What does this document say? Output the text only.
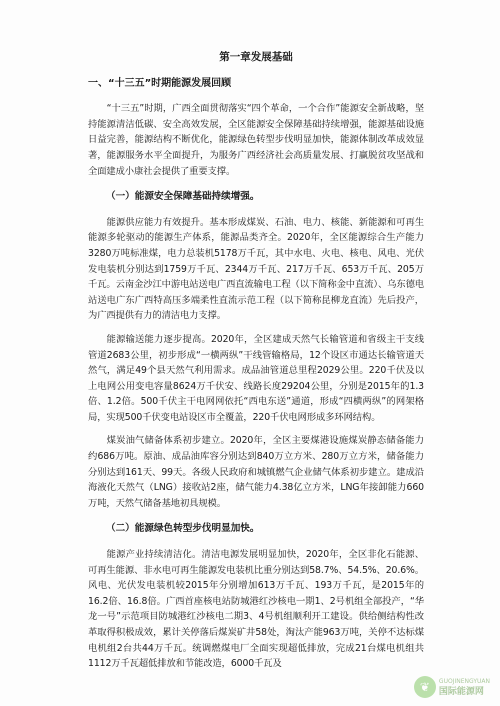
第一章发展基础
一、“十三五”时期能源发展回顾

“十三五”时期，广西全面贯彻落实“四个革命，一个合作”能源安全新战略，坚持能源清洁低碳、安全高效发展，全区能源安全保障基础持续增强，能源基础设施日益完善，能源结构不断优化，能源绿色转型步伐明显加快，能源体制改革成效显著，能源服务水平全面提升，为服务广西经济社会高质量发展、打赢脱贫攻坚战和全面建成小康社会提供了重要支撑。

（一）能源安全保障基础持续增强。

能源供应能力有效提升。基本形成煤炭、石油、电力、核能、新能源和可再生能源多轮驱动的能源生产体系，能源品类齐全。2020年，全区能源综合生产能力3280万吨标准煤，电力总装机5178万千瓦，其中水电、火电、核电、风电、光伏发电装机分别达到1759万千瓦、2344万千瓦、217万千瓦、653万千瓦、205万千瓦。云南金沙江中游电站送电广西直流输电工程（以下简称金中直流）、乌东德电站送电广东广西特高压多端柔性直流示范工程（以下简称昆柳龙直流）先后投产，为广西提供有力的清洁电力支撑。

能源输送能力逐步提高。2020年，全区建成天然气长输管道和省级主干支线管道2683公里，初步形成“一横两纵”干线管输格局，12个设区市通达长输管道天然气，满足49个县天然气利用需求。成品油管道总里程2029公里。220千伏及以上电网公用变电容量8624万千伏安、线路长度29204公里，分别是2015年的1.3倍、1.2倍。500千伏主干电网网依托“西电东送”通道，形成“四横两纵”的网架格局，实现500千伏变电站设区市全覆盖，220千伏电网形成多环网结构。

煤炭油气储备体系初步建立。2020年，全区主要煤港设施煤炭静态储备能力约686万吨。原油、成品油库容分别达到840万立方米、280万立方米，储备能力分别达到161天、99天。各级人民政府和城镇燃气企业储气体系初步建立。建成沿海液化天然气（LNG）接收站2座，储气能力4.38亿立方米，LNG年接卸能力660万吨，天然气储备基地初具规模。

（二）能源绿色转型步伐明显加快。

能源产业持续清洁化。清洁电源发展明显加快，2020年，全区非化石能源、可再生能源、非水电可再生能源发电装机比重分别达到58.7%、54.5%、20.6%。风电、光伏发电装机较2015年分别增加613万千瓦、193万千瓦，是2015年的16.2倍、16.8倍。广西首座核电站防城港红沙核电一期1、2号机组全部投产，“华龙一号”示范项目防城港红沙核电二期3、4号机组顺利开工建设。供给侧结构性改革取得积极成效，累计关停落后煤炭矿井58处，淘汰产能963万吨，关停不达标煤电机组2台共44万千瓦。统调燃煤电厂全面实现超低排放，完成21台煤电机组共1112万千瓦超低排放和节能改造，6000千瓦及

❦	GUOJINENGYUAN
国际能源网
